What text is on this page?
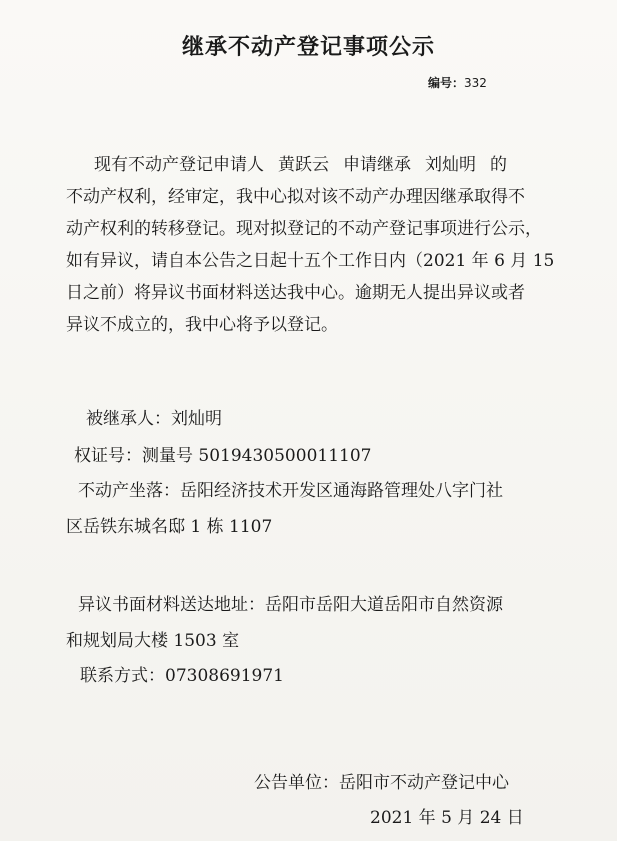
继承不动产登记事项公示
编号：332
现有不动产登记申请人 黄跃云 申请继承 刘灿明 的
不动产权利，经审定，我中心拟对该不动产办理因继承取得不
动产权利的转移登记。现对拟登记的不动产登记事项进行公示，
如有异议，请自本公告之日起十五个工作日内（2021 年 6 月 15
日之前）将异议书面材料送达我中心。逾期无人提出异议或者
异议不成立的，我中心将予以登记。
被继承人：刘灿明
权证号：测量号 5019430500011107
不动产坐落：岳阳经济技术开发区通海路管理处八字门社
区岳铁东城名邸 1 栋 1107
异议书面材料送达地址：岳阳市岳阳大道岳阳市自然资源
和规划局大楼 1503 室
联系方式：07308691971
公告单位：岳阳市不动产登记中心
2021 年 5 月 24 日
